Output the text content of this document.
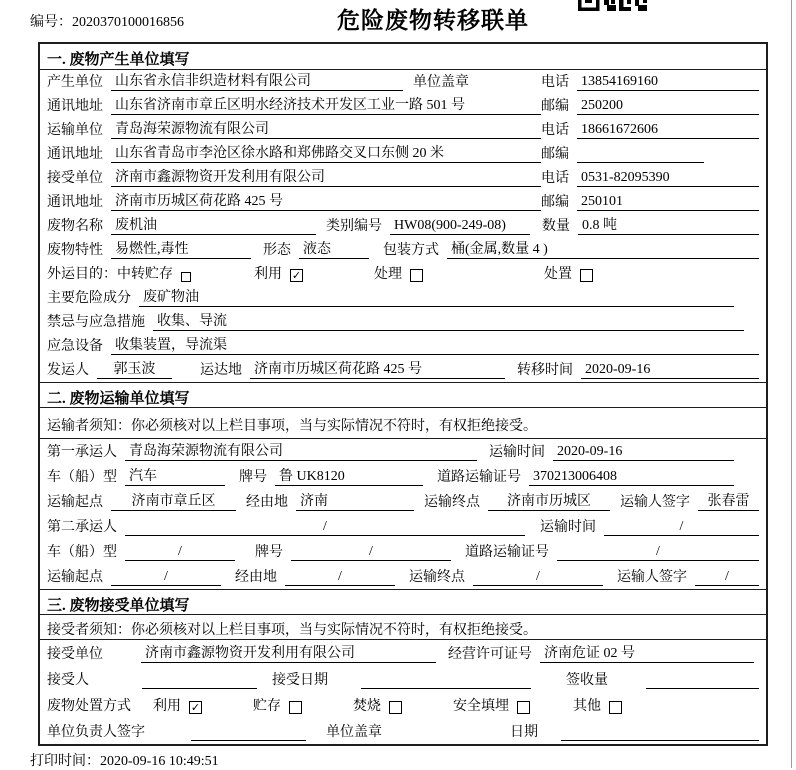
编号：2020370100016856	危险废物转移联单
一. 废物产生单位填写
产生单位 山东省永信非织造材料有限公司	单位盖章	电话 13854169160
通讯地址 山东省济南市章丘区明水经济技术开发区工业一路 501 号	邮编 250200
运输单位 青岛海荣源物流有限公司	电话 18661672606
通讯地址 山东省青岛市李沧区徐水路和郑佛路交叉口东侧 20 米	邮编
接受单位 济南市鑫源物资开发利用有限公司	电话 0531-82095390
通讯地址 济南市历城区荷花路 425 号	邮编 250101
废物名称 废机油	类别编号 HW08(900-249-08)	数量 0.8 吨
废物特性 易燃性,毒性	形态 液态	包装方式 桶(金属,数量 4 )
外运目的： 中转贮存	利用 ✓	处理	处置
主要危险成分 废矿物油
禁忌与应急措施 收集、导流
应急设备 收集装置，导流渠
发运人	郭玉波	运达地 济南市历城区荷花路 425 号	转移时间 2020-09-16
二. 废物运输单位填写
运输者须知：你必须核对以上栏目事项，当与实际情况不符时，有权拒绝接受。
第一承运人 青岛海荣源物流有限公司	运输时间 2020-09-16
车（船）型 汽车	牌号 鲁 UK8120	道路运输证号 370213006408
运输起点	济南市章丘区	经由地 济南	运输终点	济南市历城区	运输人签字	张春雷
第二承运人	/	运输时间	/
车（船）型	/	牌号	/	道路运输证号	/
运输起点	/	经由地	/	运输终点	/	运输人签字	/
三. 废物接受单位填写
接受者须知：你必须核对以上栏目事项，当与实际情况不符时，有权拒绝接受。
接受单位	济南市鑫源物资开发利用有限公司	经营许可证号 济南危证 02 号
接受人	接受日期	签收量
废物处置方式 利用 ✓	贮存	焚烧	安全填埋	其他
单位负责人签字	单位盖章	日期
打印时间：2020-09-16 10:49:51
